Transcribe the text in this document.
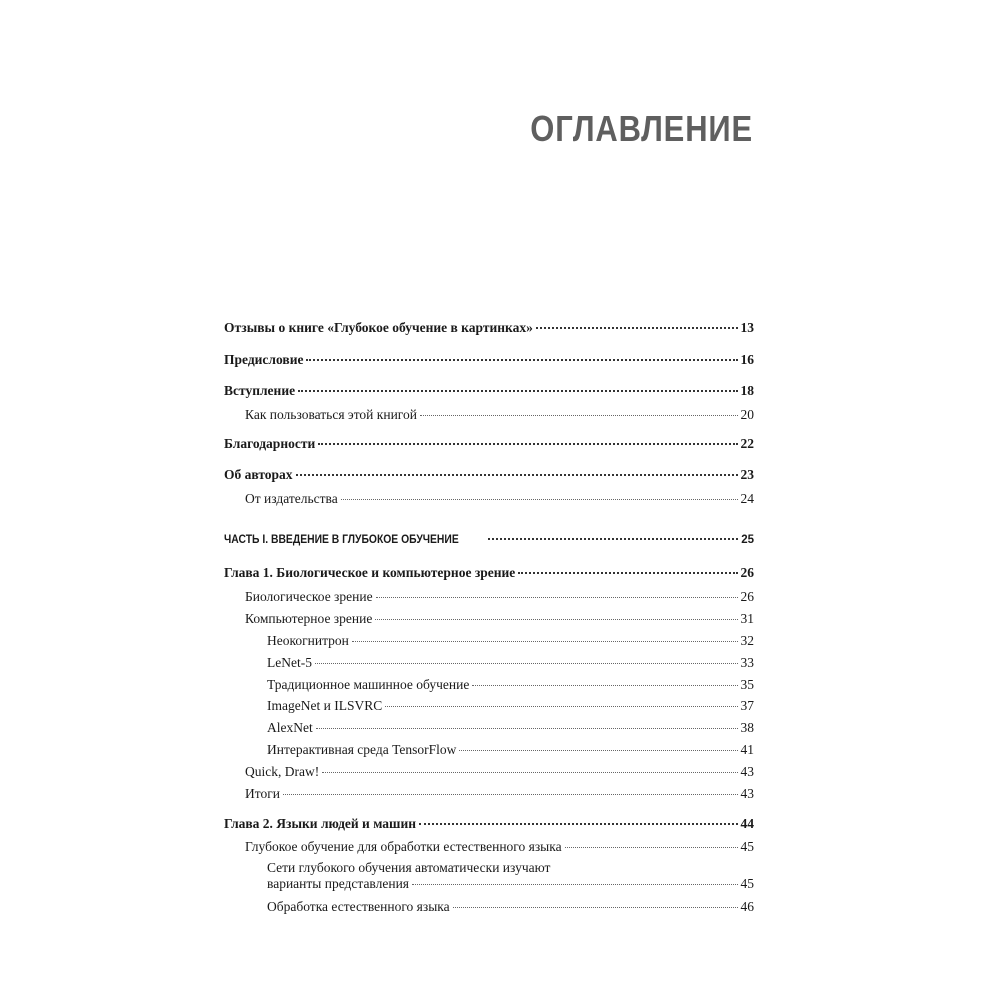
ОГЛАВЛЕНИЕ
Отзывы о книге «Глубокое обучение в картинках»	13
Предисловие	16
Вступление	18
Как пользоваться этой книгой	20
Благодарности	22
Об авторах	23
От издательства	24
ЧАСТЬ I. ВВЕДЕНИЕ В ГЛУБОКОЕ ОБУЧЕНИЕ	25
Глава 1. Биологическое и компьютерное зрение	26
Биологическое зрение	26
Компьютерное зрение	31
Неокогнитрон	32
LeNet-5	33
Традиционное машинное обучение	35
ImageNet и ILSVRC	37
AlexNet	38
Интерактивная среда TensorFlow	41
Quick, Draw!	43
Итоги	43
Глава 2. Языки людей и машин	44
Глубокое обучение для обработки естественного языка	45
Сети глубокого обучения автоматически изучают
варианты представления	45
Обработка естественного языка	46
